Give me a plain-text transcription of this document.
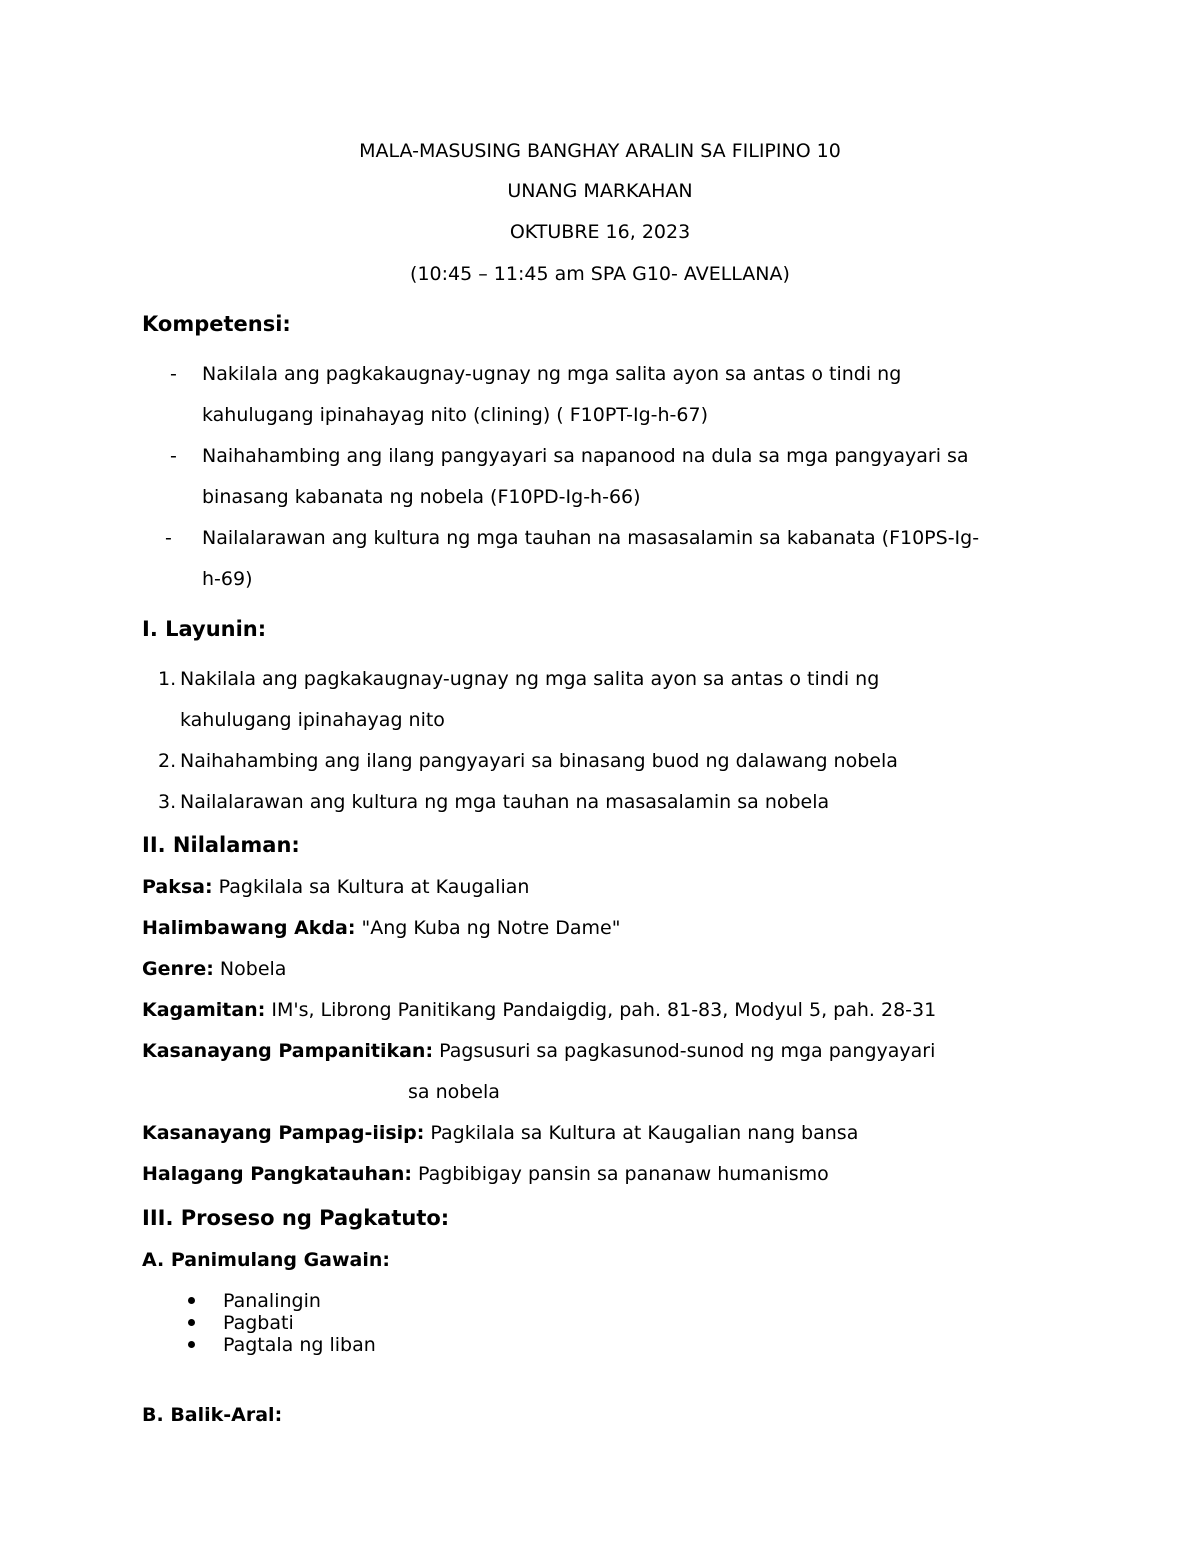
MALA-MASUSING BANGHAY ARALIN SA FILIPINO 10
UNANG MARKAHAN
OKTUBRE 16, 2023
(10:45 – 11:45 am SPA G10- AVELLANA)
Kompetensi:
- Nakilala ang pagkakaugnay-ugnay ng mga salita ayon sa antas o tindi ng
kahulugang ipinahayag nito (clining) ( F10PT-Ig-h-67)
- Naihahambing ang ilang pangyayari sa napanood na dula sa mga pangyayari sa
binasang kabanata ng nobela (F10PD-Ig-h-66)
- Nailalarawan ang kultura ng mga tauhan na masasalamin sa kabanata (F10PS-Ig-
h-69)
I. Layunin:
1. Nakilala ang pagkakaugnay-ugnay ng mga salita ayon sa antas o tindi ng
kahulugang ipinahayag nito
2. Naihahambing ang ilang pangyayari sa binasang buod ng dalawang nobela
3. Nailalarawan ang kultura ng mga tauhan na masasalamin sa nobela
II. Nilalaman:
Paksa: Pagkilala sa Kultura at Kaugalian
Halimbawang Akda: "Ang Kuba ng Notre Dame"
Genre: Nobela
Kagamitan: IM's, Librong Panitikang Pandaigdig, pah. 81-83, Modyul 5, pah. 28-31
Kasanayang Pampanitikan: Pagsusuri sa pagkasunod-sunod ng mga pangyayari
sa nobela
Kasanayang Pampag-iisip: Pagkilala sa Kultura at Kaugalian nang bansa
Halagang Pangkatauhan: Pagbibigay pansin sa pananaw humanismo
III. Proseso ng Pagkatuto:
A. Panimulang Gawain:
Panalingin
Pagbati
Pagtala ng liban
B. Balik-Aral:
